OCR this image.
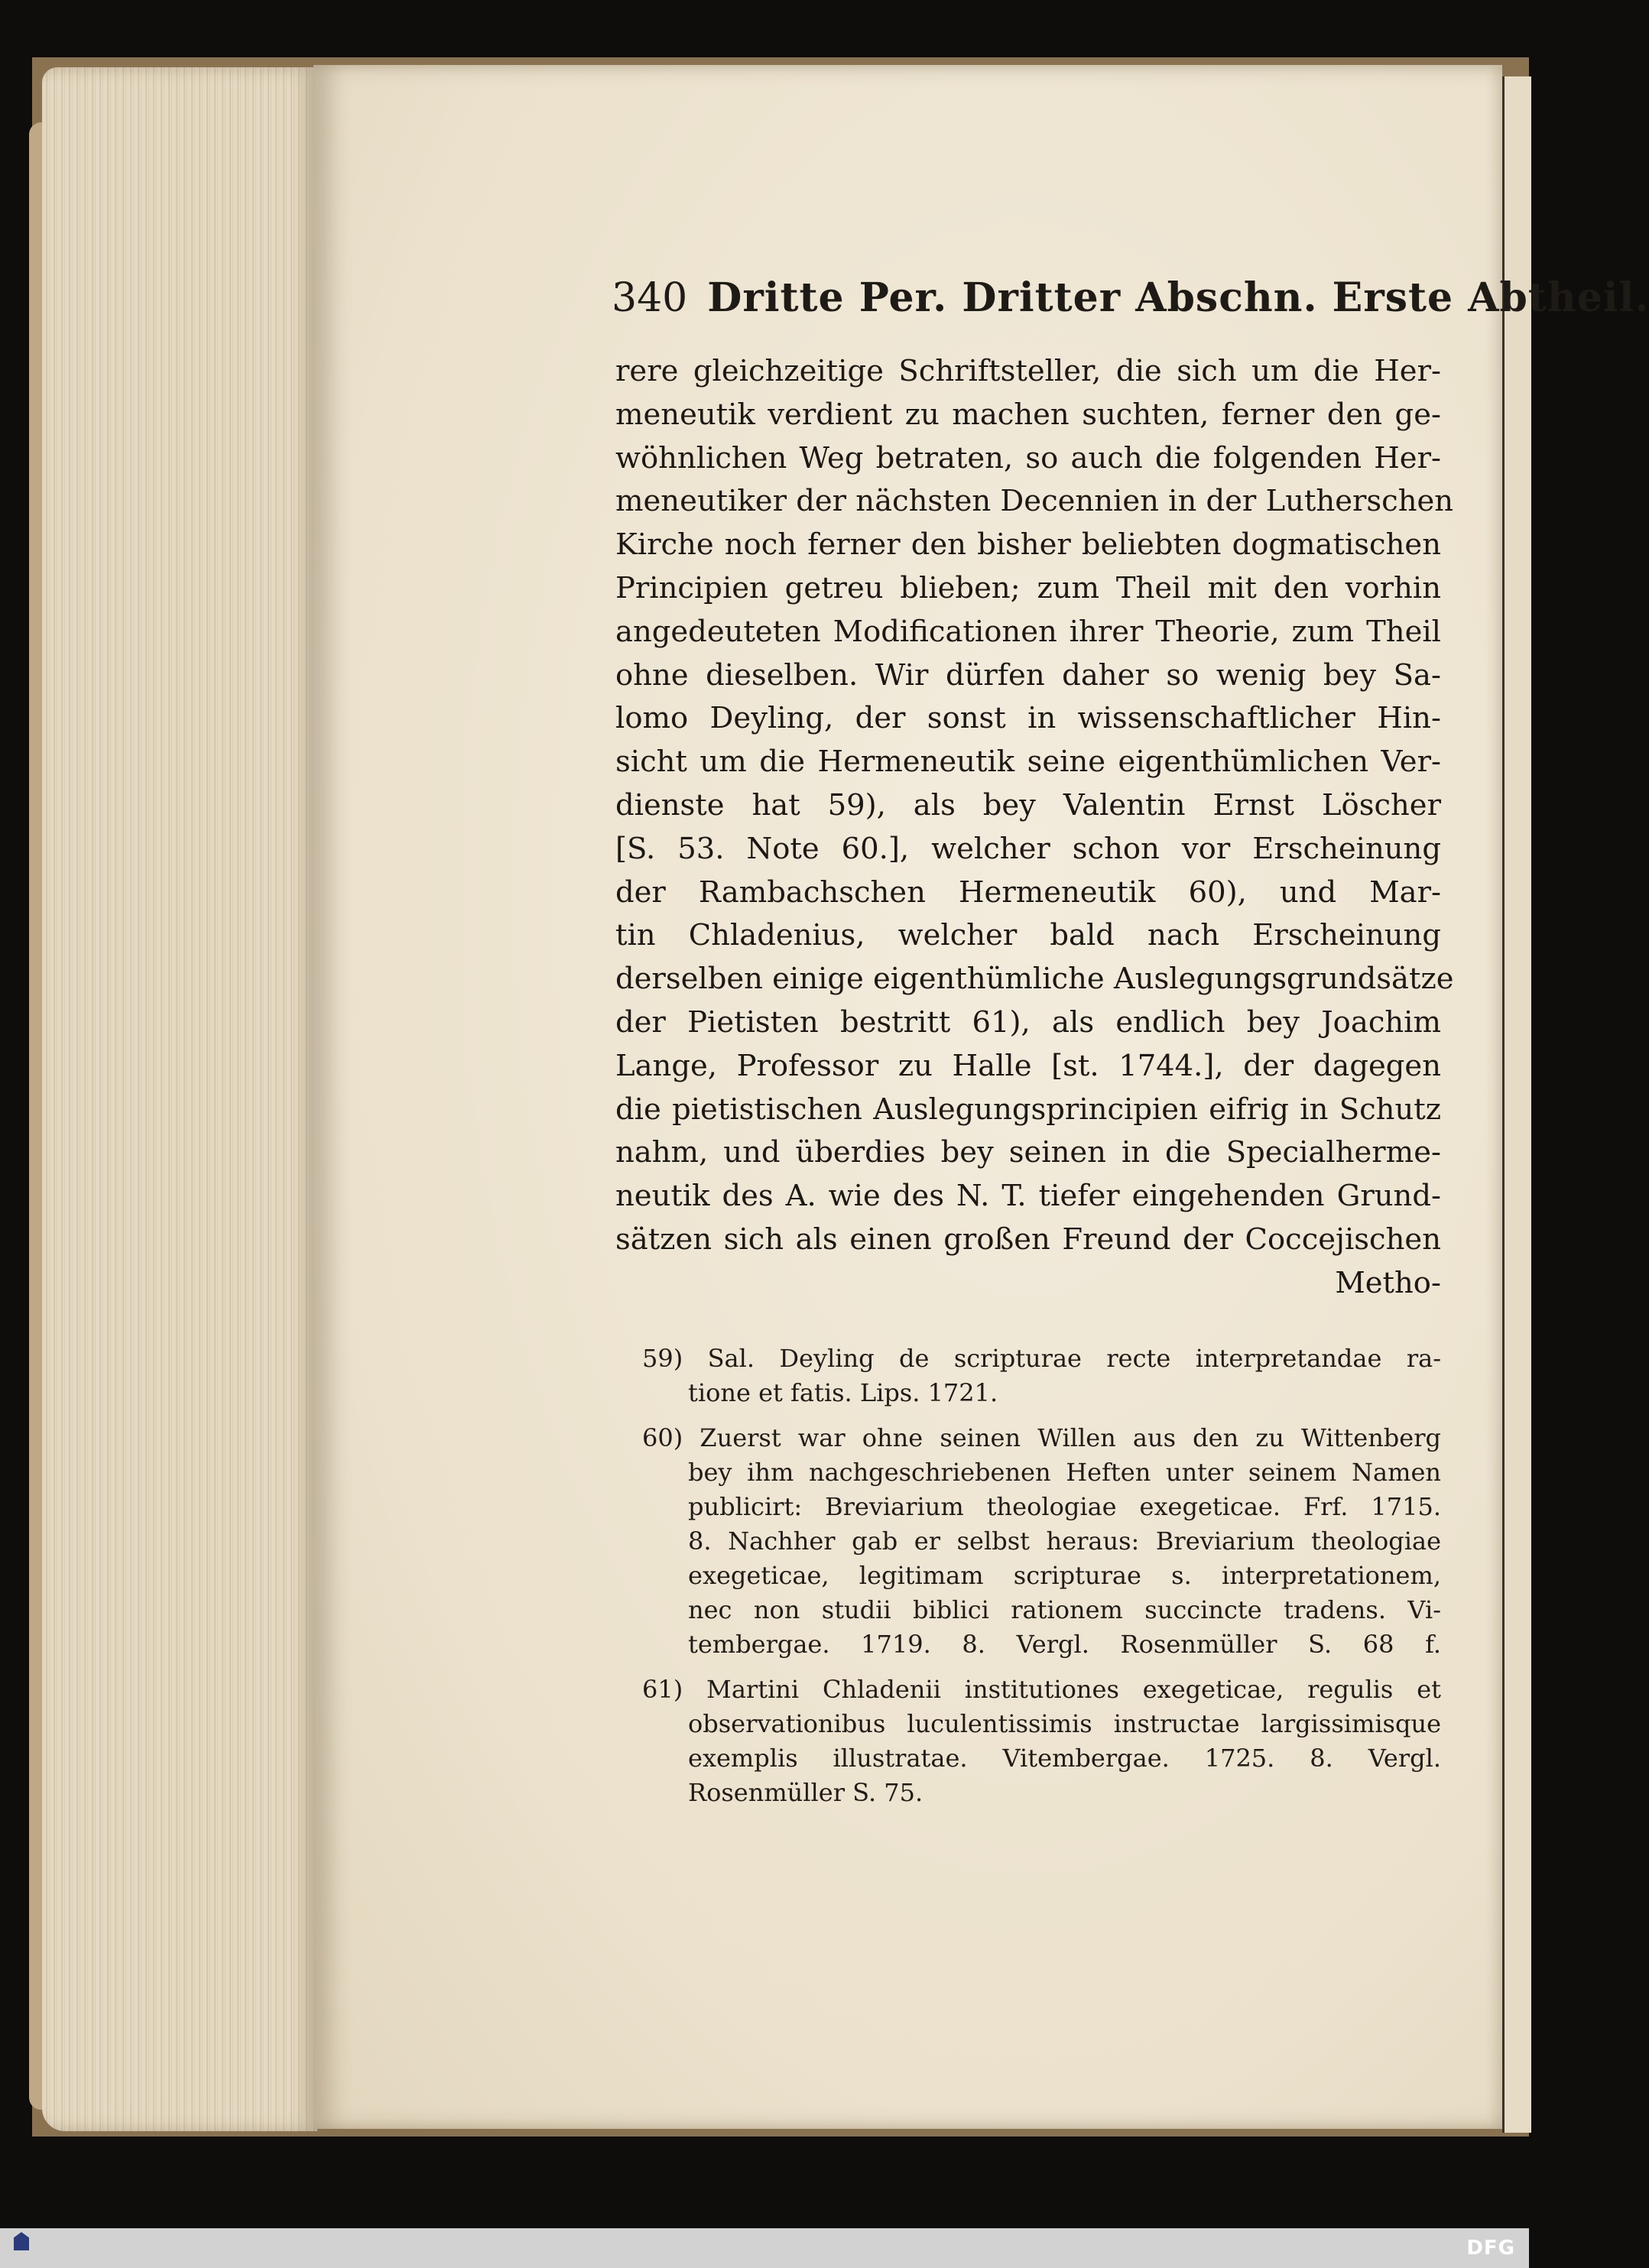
340 Dritte Per. Dritter Abschn. Erste Abtheil.
rere gleichzeitige Schriftsteller, die sich um die Her-
meneutik verdient zu machen suchten, ferner den ge-
wöhnlichen Weg betraten, so auch die folgenden Her-
meneutiker der nächsten Decennien in der Lutherschen
Kirche noch ferner den bisher beliebten dogmatischen
Principien getreu blieben; zum Theil mit den vorhin
angedeuteten Modificationen ihrer Theorie, zum Theil
ohne dieselben. Wir dürfen daher so wenig bey Sa-
lomo Deyling, der sonst in wissenschaftlicher Hin-
sicht um die Hermeneutik seine eigenthümlichen Ver-
dienste hat 59), als bey Valentin Ernst Löscher
[S. 53. Note 60.], welcher schon vor Erscheinung
der Rambachschen Hermeneutik 60), und Mar-
tin Chladenius, welcher bald nach Erscheinung
derselben einige eigenthümliche Auslegungsgrundsätze
der Pietisten bestritt 61), als endlich bey Joachim
Lange, Professor zu Halle [st. 1744.], der dagegen
die pietistischen Auslegungsprincipien eifrig in Schutz
nahm, und überdies bey seinen in die Specialherme-
neutik des A. wie des N. T. tiefer eingehenden Grund-
sätzen sich als einen großen Freund der Coccejischen
Metho-
59) Sal. Deyling de scripturae recte interpretandae ra-
tione et fatis. Lips. 1721.
60) Zuerst war ohne seinen Willen aus den zu Wittenberg
bey ihm nachgeschriebenen Heften unter seinem Namen
publicirt: Breviarium theologiae exegeticae. Frf. 1715.
8. Nachher gab er selbst heraus: Breviarium theologiae
exegeticae, legitimam scripturae s. interpretationem,
nec non studii biblici rationem succincte tradens. Vi-
tembergae. 1719. 8. Vergl. Rosenmüller S. 68 f.
61) Martini Chladenii institutiones exegeticae, regulis et
observationibus luculentissimis instructae largissimisque
exemplis illustratae. Vitembergae. 1725. 8. Vergl.
Rosenmüller S. 75.
DFG
